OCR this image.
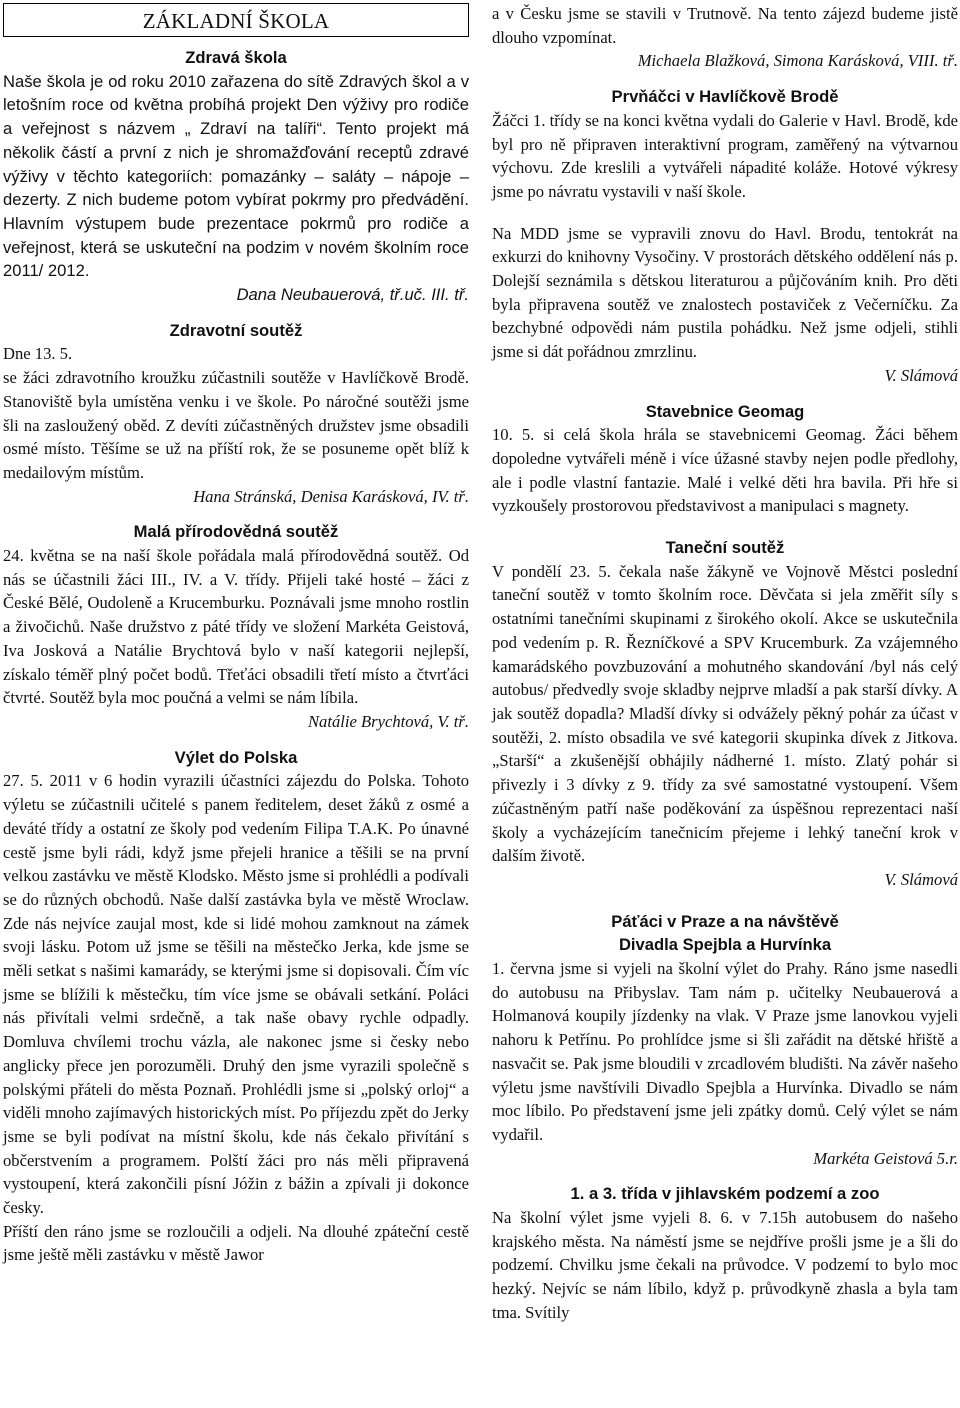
ZÁKLADNÍ ŠKOLA
Zdravá škola

Naše škola je od roku 2010 zařazena do sítě Zdravých škol a v letošním roce od května probíhá projekt Den výživy pro rodiče a veřejnost s názvem „ Zdraví na talíři“. Tento projekt má několik částí a první z nich je shromažďování receptů zdravé výživy v těchto kategoriích: pomazánky – saláty – nápoje – dezerty. Z nich budeme potom vybírat pokrmy pro předvádění. Hlavním výstupem bude prezentace pokrmů pro rodiče a veřejnost, která se uskuteční na podzim v novém školním roce 2011/ 2012.

Dana Neubauerová, tř.uč. III. tř.

Zdravotní soutěž

Dne 13. 5.

se žáci zdravotního kroužku zúčastnili soutěže v Havlíčkově Brodě. Stanoviště byla umístěna venku i ve škole. Po náročné soutěži jsme šli na zasloužený oběd. Z devíti zúčastněných družstev jsme obsadili osmé místo. Těšíme se už na příští rok, že se posuneme opět blíž k medailovým místům.

Hana Stránská, Denisa Karásková, IV. tř.

Malá přírodovědná soutěž

24. května se na naší škole pořádala malá přírodovědná soutěž. Od nás se účastnili žáci III., IV. a V. třídy. Přijeli také hosté – žáci z České Bělé, Oudoleně a Krucemburku. Poznávali jsme mnoho rostlin a živočichů. Naše družstvo z páté třídy ve složení Markéta Geistová, Iva Josková a Natálie Brychtová bylo v naší kategorii nejlepší, získalo téměř plný počet bodů. Třeťáci obsadili třetí místo a čtvrťáci čtvrté. Soutěž byla moc poučná a velmi se nám líbila.

Natálie Brychtová, V. tř.

Výlet do Polska

27. 5. 2011 v 6 hodin vyrazili účastníci zájezdu do Polska. Tohoto výletu se zúčastnili učitelé s panem ředitelem, deset žáků z osmé a deváté třídy a ostatní ze školy pod vedením Filipa T.A.K. Po únavné cestě jsme byli rádi, když jsme přejeli hranice a těšili se na první velkou zastávku ve městě Klodsko. Město jsme si prohlédli a podívali se do různých obchodů. Naše další zastávka byla ve městě Wroclaw. Zde nás nejvíce zaujal most, kde si lidé mohou zamknout na zámek svoji lásku. Potom už jsme se těšili na městečko Jerka, kde jsme se měli setkat s našimi kamarády, se kterými jsme si dopisovali. Čím víc jsme se blížili k městečku, tím více jsme se obávali setkání. Poláci nás přivítali velmi srdečně, a tak naše obavy rychle odpadly. Domluva chvílemi trochu vázla, ale nakonec jsme si česky nebo anglicky přece jen porozuměli. Druhý den jsme vyrazili společně s polskými přáteli do města Poznaň. Prohlédli jsme si „polský orloj“ a viděli mnoho zajímavých historických míst. Po příjezdu zpět do Jerky jsme se byli podívat na místní školu, kde nás čekalo přivítání s občerstvením a programem. Polští žáci pro nás měli připravená vystoupení, která zakončili písní Jóžin z bážin a zpívali ji dokonce česky.

Příští den ráno jsme se rozloučili a odjeli. Na dlouhé zpáteční cestě jsme ještě měli zastávku v městě Jawor

a v Česku jsme se stavili v Trutnově. Na tento zájezd budeme jistě dlouho vzpomínat.

Michaela Blažková, Simona Karásková, VIII. tř.

Prvňáčci v Havlíčkově Brodě

Žáčci 1. třídy se na konci května vydali do Galerie v Havl. Brodě, kde byl pro ně připraven interaktivní program, zaměřený na výtvarnou výchovu. Zde kreslili a vytvářeli nápadité koláže. Hotové výkresy jsme po návratu vystavili v naší škole.

Na MDD jsme se vypravili znovu do Havl. Brodu, tentokrát na exkurzi do knihovny Vysočiny. V prostorách dětského oddělení nás p. Dolejší seznámila s dětskou literaturou a půjčováním knih. Pro děti byla připravena soutěž ve znalostech postaviček z Večerníčku. Za bezchybné odpovědi nám pustila pohádku. Než jsme odjeli, stihli jsme si dát pořádnou zmrzlinu.

V. Slámová

Stavebnice Geomag

10. 5. si celá škola hrála se stavebnicemi Geomag. Žáci během dopoledne vytvářeli méně i více úžasné stavby nejen podle předlohy, ale i podle vlastní fantazie. Malé i velké děti hra bavila. Při hře si vyzkoušely prostorovou představivost a manipulaci s magnety.

Taneční soutěž

V pondělí 23. 5. čekala naše žákyně ve Vojnově Městci poslední taneční soutěž v tomto školním roce. Děvčata si jela změřit síly s ostatními tanečními skupinami z širokého okolí. Akce se uskutečnila pod vedením p. R. Řezníčkové a SPV Krucemburk. Za vzájemného kamarádského povzbuzování a mohutného skandování /byl nás celý autobus/ předvedly svoje skladby nejprve mladší a pak starší dívky. A jak soutěž dopadla? Mladší dívky si odvážely pěkný pohár za účast v soutěži, 2. místo obsadila ve své kategorii skupinka dívek z Jitkova. „Starší“ a zkušenější obhájily nádherné 1. místo. Zlatý pohár si přivezly i 3 dívky z 9. třídy za své samostatné vystoupení. Všem zúčastněným patří naše poděkování za úspěšnou reprezentaci naší školy a vycházejícím tanečnicím přejeme i lehký taneční krok v dalším životě.

V. Slámová

Páťáci v Praze a na návštěvě
Divadla Spejbla a Hurvínka

1. června jsme si vyjeli na školní výlet do Prahy. Ráno jsme nasedli do autobusu na Přibyslav. Tam nám p. učitelky Neubauerová a Holmanová koupily jízdenky na vlak. V Praze jsme lanovkou vyjeli nahoru k Petřínu. Po prohlídce jsme si šli zařádit na dětské hřiště a nasvačit se. Pak jsme bloudili v zrcadlovém bludišti. Na závěr našeho výletu jsme navštívili Divadlo Spejbla a Hurvínka. Divadlo se nám moc líbilo. Po představení jsme jeli zpátky domů. Celý výlet se nám vydařil.

Markéta Geistová 5.r.

1. a 3. třída v jihlavském podzemí a zoo

Na školní výlet jsme vyjeli 8. 6. v 7.15h autobusem do našeho krajského města. Na náměstí jsme se nejdříve prošli jsme je a šli do podzemí. Chvilku jsme čekali na průvodce. V podzemí to bylo moc hezký. Nejvíc se nám líbilo, když p. průvodkyně zhasla a byla tam tma. Svítily
